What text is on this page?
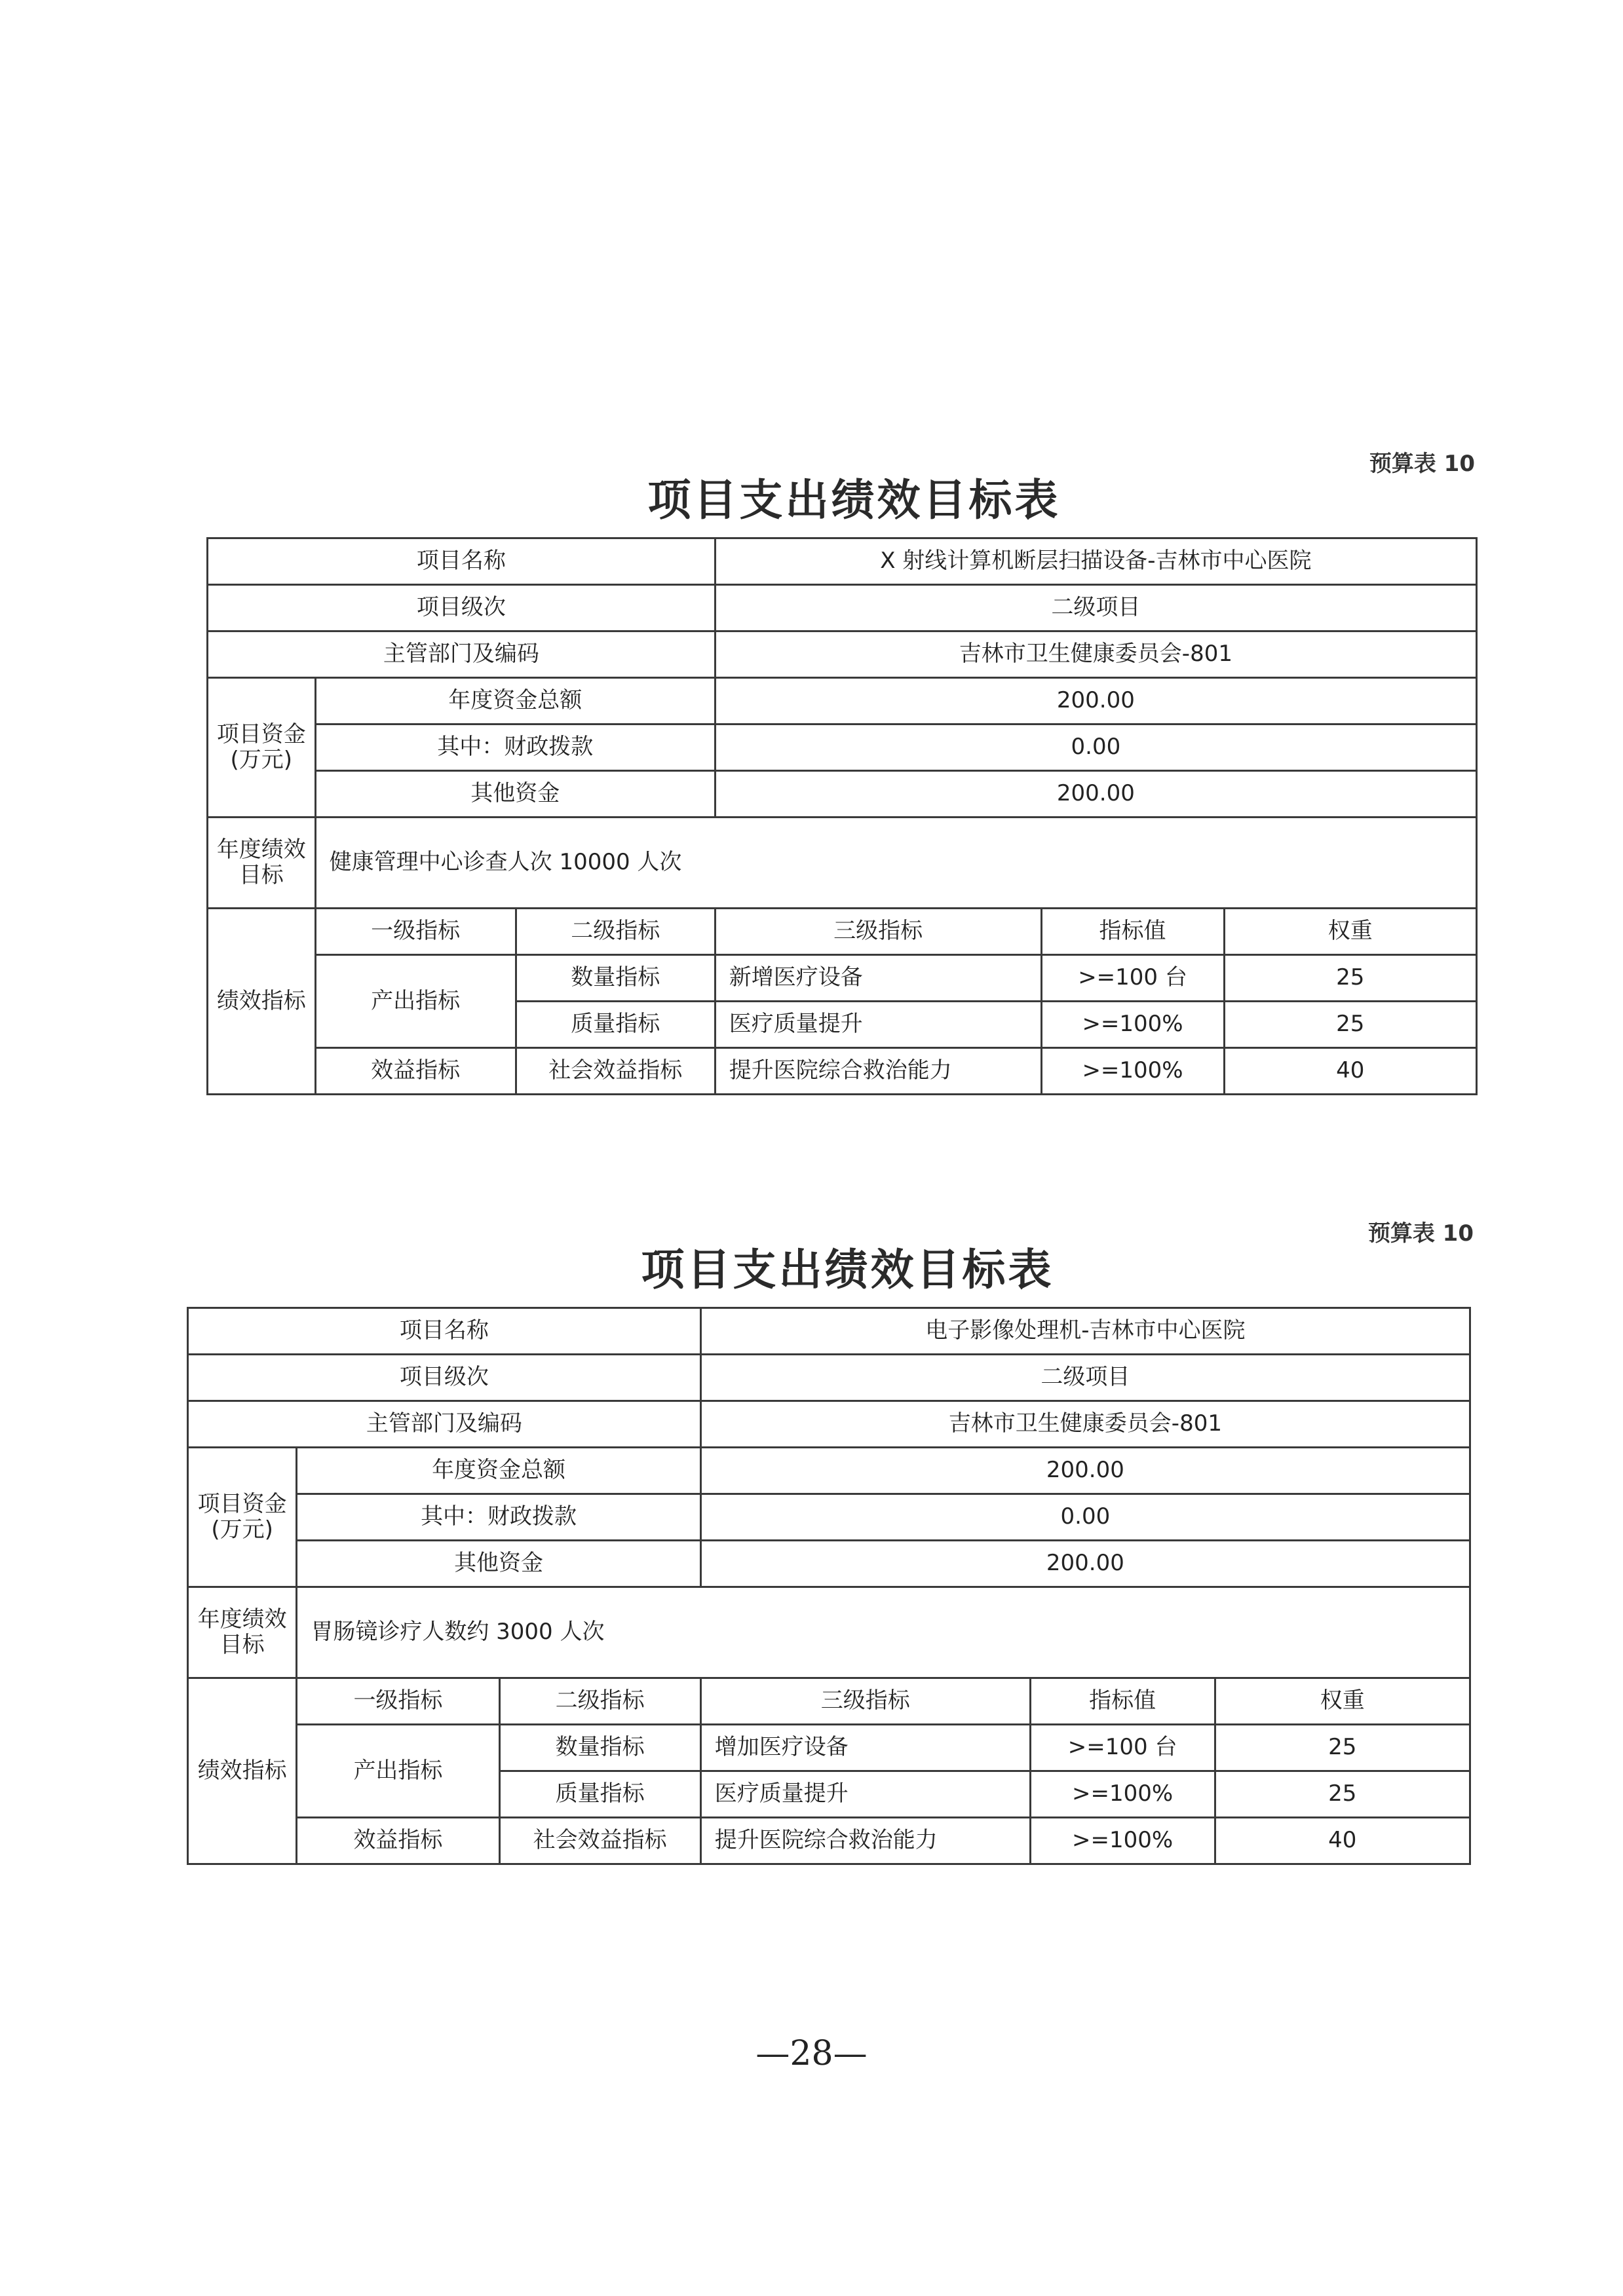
预算表 10
项目支出绩效目标表
项目名称			X 射线计算机断层扫描设备-吉林市中心医院		
项目级次			二级项目		
主管部门及编码			吉林市卫生健康委员会-801		
项目资金
(万元)	年度资金总额		200.00		
	其中：财政拨款		0.00		
	其他资金		200.00		
年度绩效
目标	健康管理中心诊查人次 10000 人次				
绩效指标	一级指标	二级指标	三级指标	指标值	权重
	产出指标	数量指标	新增医疗设备	>=100 台	25
		质量指标	医疗质量提升	>=100%	25
	效益指标	社会效益指标	提升医院综合救治能力	>=100%	40
预算表 10
项目支出绩效目标表
项目名称			电子影像处理机-吉林市中心医院		
项目级次			二级项目		
主管部门及编码			吉林市卫生健康委员会-801		
项目资金
(万元)	年度资金总额		200.00		
	其中：财政拨款		0.00		
	其他资金		200.00		
年度绩效
目标	胃肠镜诊疗人数约 3000 人次				
绩效指标	一级指标	二级指标	三级指标	指标值	权重
	产出指标	数量指标	增加医疗设备	>=100 台	25
		质量指标	医疗质量提升	>=100%	25
	效益指标	社会效益指标	提升医院综合救治能力	>=100%	40
—28—
